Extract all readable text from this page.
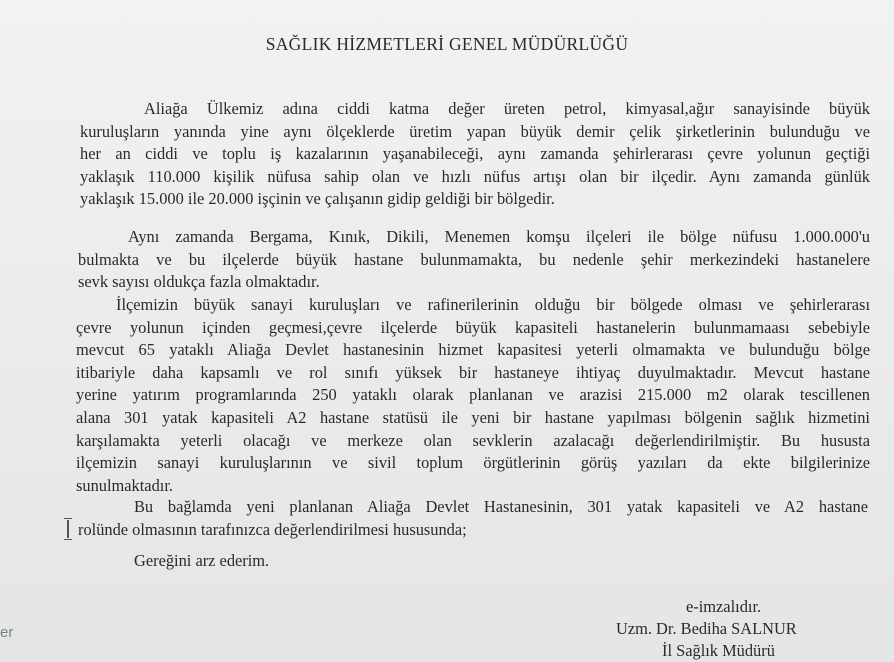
SAĞLIK HİZMETLERİ GENEL MÜDÜRLÜĞÜ
Aliağa Ülkemiz adına ciddi katma değer üreten petrol, kimyasal,ağır sanayisinde büyük
kuruluşların yanında yine aynı ölçeklerde üretim yapan büyük demir çelik şirketlerinin bulunduğu ve
her an ciddi ve toplu iş kazalarının yaşanabileceği, aynı zamanda şehirlerarası çevre yolunun geçtiği
yaklaşık 110.000 kişilik nüfusa sahip olan ve hızlı nüfus artışı olan bir ilçedir. Aynı zamanda günlük
yaklaşık 15.000 ile 20.000 işçinin ve çalışanın gidip geldiği bir bölgedir.
Aynı zamanda Bergama, Kınık, Dikili, Menemen komşu ilçeleri ile bölge nüfusu 1.000.000'u
bulmakta ve bu ilçelerde büyük hastane bulunmamakta, bu nedenle şehir merkezindeki hastanelere
sevk sayısı oldukça fazla olmaktadır.
İlçemizin büyük sanayi kuruluşları ve rafinerilerinin olduğu bir bölgede olması ve şehirlerarası
çevre yolunun içinden geçmesi,çevre ilçelerde büyük kapasiteli hastanelerin bulunmamaası sebebiyle
mevcut 65 yataklı Aliağa Devlet hastanesinin hizmet kapasitesi yeterli olmamakta ve bulunduğu bölge
itibariyle daha kapsamlı ve rol sınıfı yüksek bir hastaneye ihtiyaç duyulmaktadır. Mevcut hastane
yerine yatırım programlarında 250 yataklı olarak planlanan ve arazisi 215.000 m2 olarak tescillenen
alana 301 yatak kapasiteli A2 hastane statüsü ile yeni bir hastane yapılması bölgenin sağlık hizmetini
karşılamakta yeterli olacağı ve merkeze olan sevklerin azalacağı değerlendirilmiştir. Bu hususta
ilçemizin sanayi kuruluşlarının ve sivil toplum örgütlerinin görüş yazıları da ekte bilgilerinize
sunulmaktadır.
Bu bağlamda yeni planlanan Aliağa Devlet Hastanesinin, 301 yatak kapasiteli ve A2 hastane
rolünde olmasının tarafınızca değerlendirilmesi hususunda;
Gereğini arz ederim.
e-imzalıdır.
Uzm. Dr. Bediha SALNUR
İl Sağlık Müdürü
er
